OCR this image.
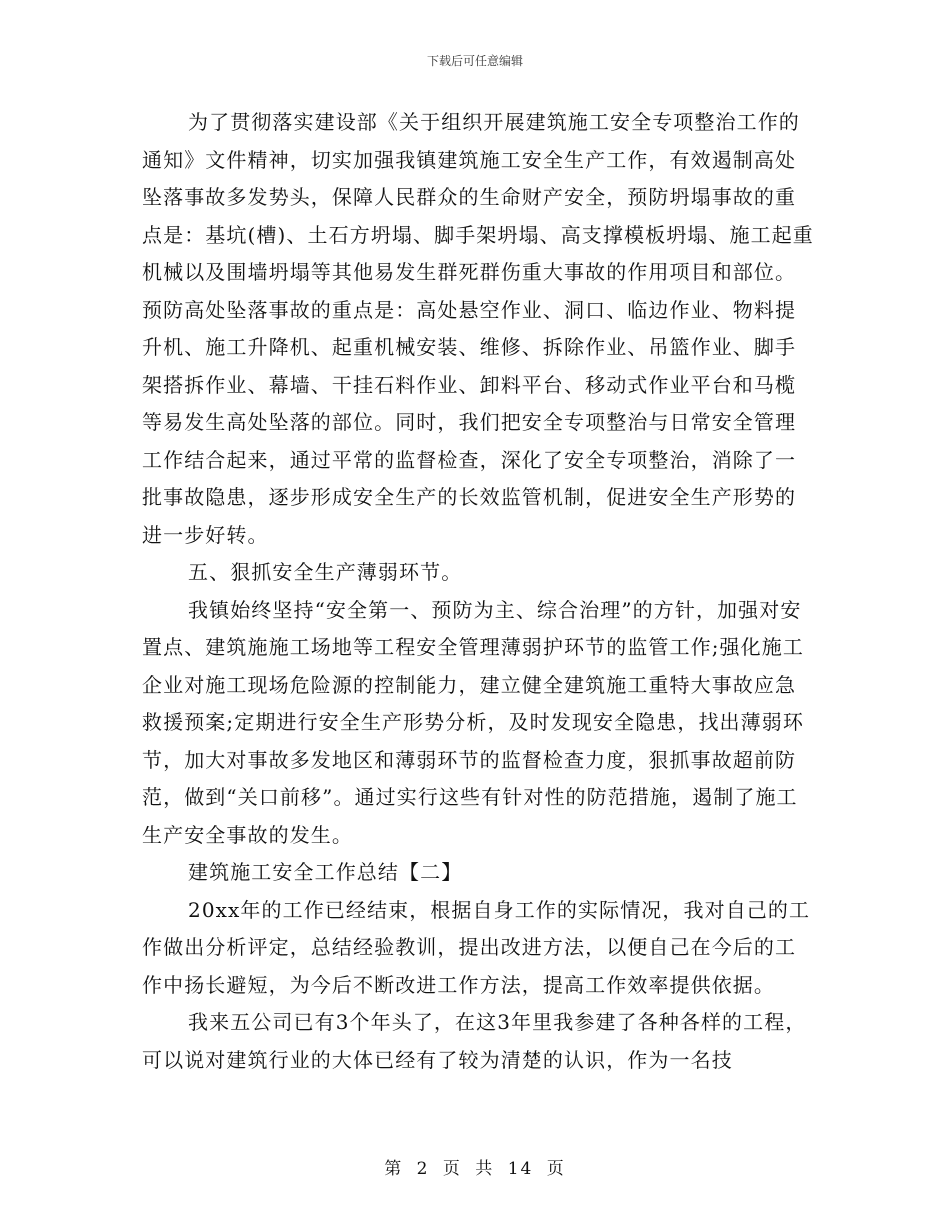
下载后可任意编辑

为了贯彻落实建设部《关于组织开展建筑施工安全专项整治工作的通知》文件精神，切实加强我镇建筑施工安全生产工作，有效遏制高处坠落事故多发势头，保障人民群众的生命财产安全，预防坍塌事故的重点是：基坑(槽)、土石方坍塌、脚手架坍塌、高支撑模板坍塌、施工起重机械以及围墙坍塌等其他易发生群死群伤重大事故的作用项目和部位。预防高处坠落事故的重点是：高处悬空作业、洞口、临边作业、物料提升机、施工升降机、起重机械安装、维修、拆除作业、吊篮作业、脚手架搭拆作业、幕墙、干挂石料作业、卸料平台、移动式作业平台和马榄等易发生高处坠落的部位。同时，我们把安全专项整治与日常安全管理工作结合起来，通过平常的监督检查，深化了安全专项整治，消除了一批事故隐患，逐步形成安全生产的长效监管机制，促进安全生产形势的进一步好转。

五、狠抓安全生产薄弱环节。

我镇始终坚持“安全第一、预防为主、综合治理”的方针，加强对安置点、建筑施施工场地等工程安全管理薄弱护环节的监管工作;强化施工企业对施工现场危险源的控制能力，建立健全建筑施工重特大事故应急救援预案;定期进行安全生产形势分析，及时发现安全隐患，找出薄弱环节，加大对事故多发地区和薄弱环节的监督检查力度，狠抓事故超前防范，做到“关口前移”。通过实行这些有针对性的防范措施，遏制了施工生产安全事故的发生。

建筑施工安全工作总结【二】

20xx年的工作已经结束，根据自身工作的实际情况，我对自己的工作做出分析评定，总结经验教训，提出改进方法，以便自己在今后的工作中扬长避短，为今后不断改进工作方法，提高工作效率提供依据。

我来五公司已有3个年头了，在这3年里我参建了各种各样的工程，可以说对建筑行业的大体已经有了较为清楚的认识，作为一名技

第 2 页 共 14 页
